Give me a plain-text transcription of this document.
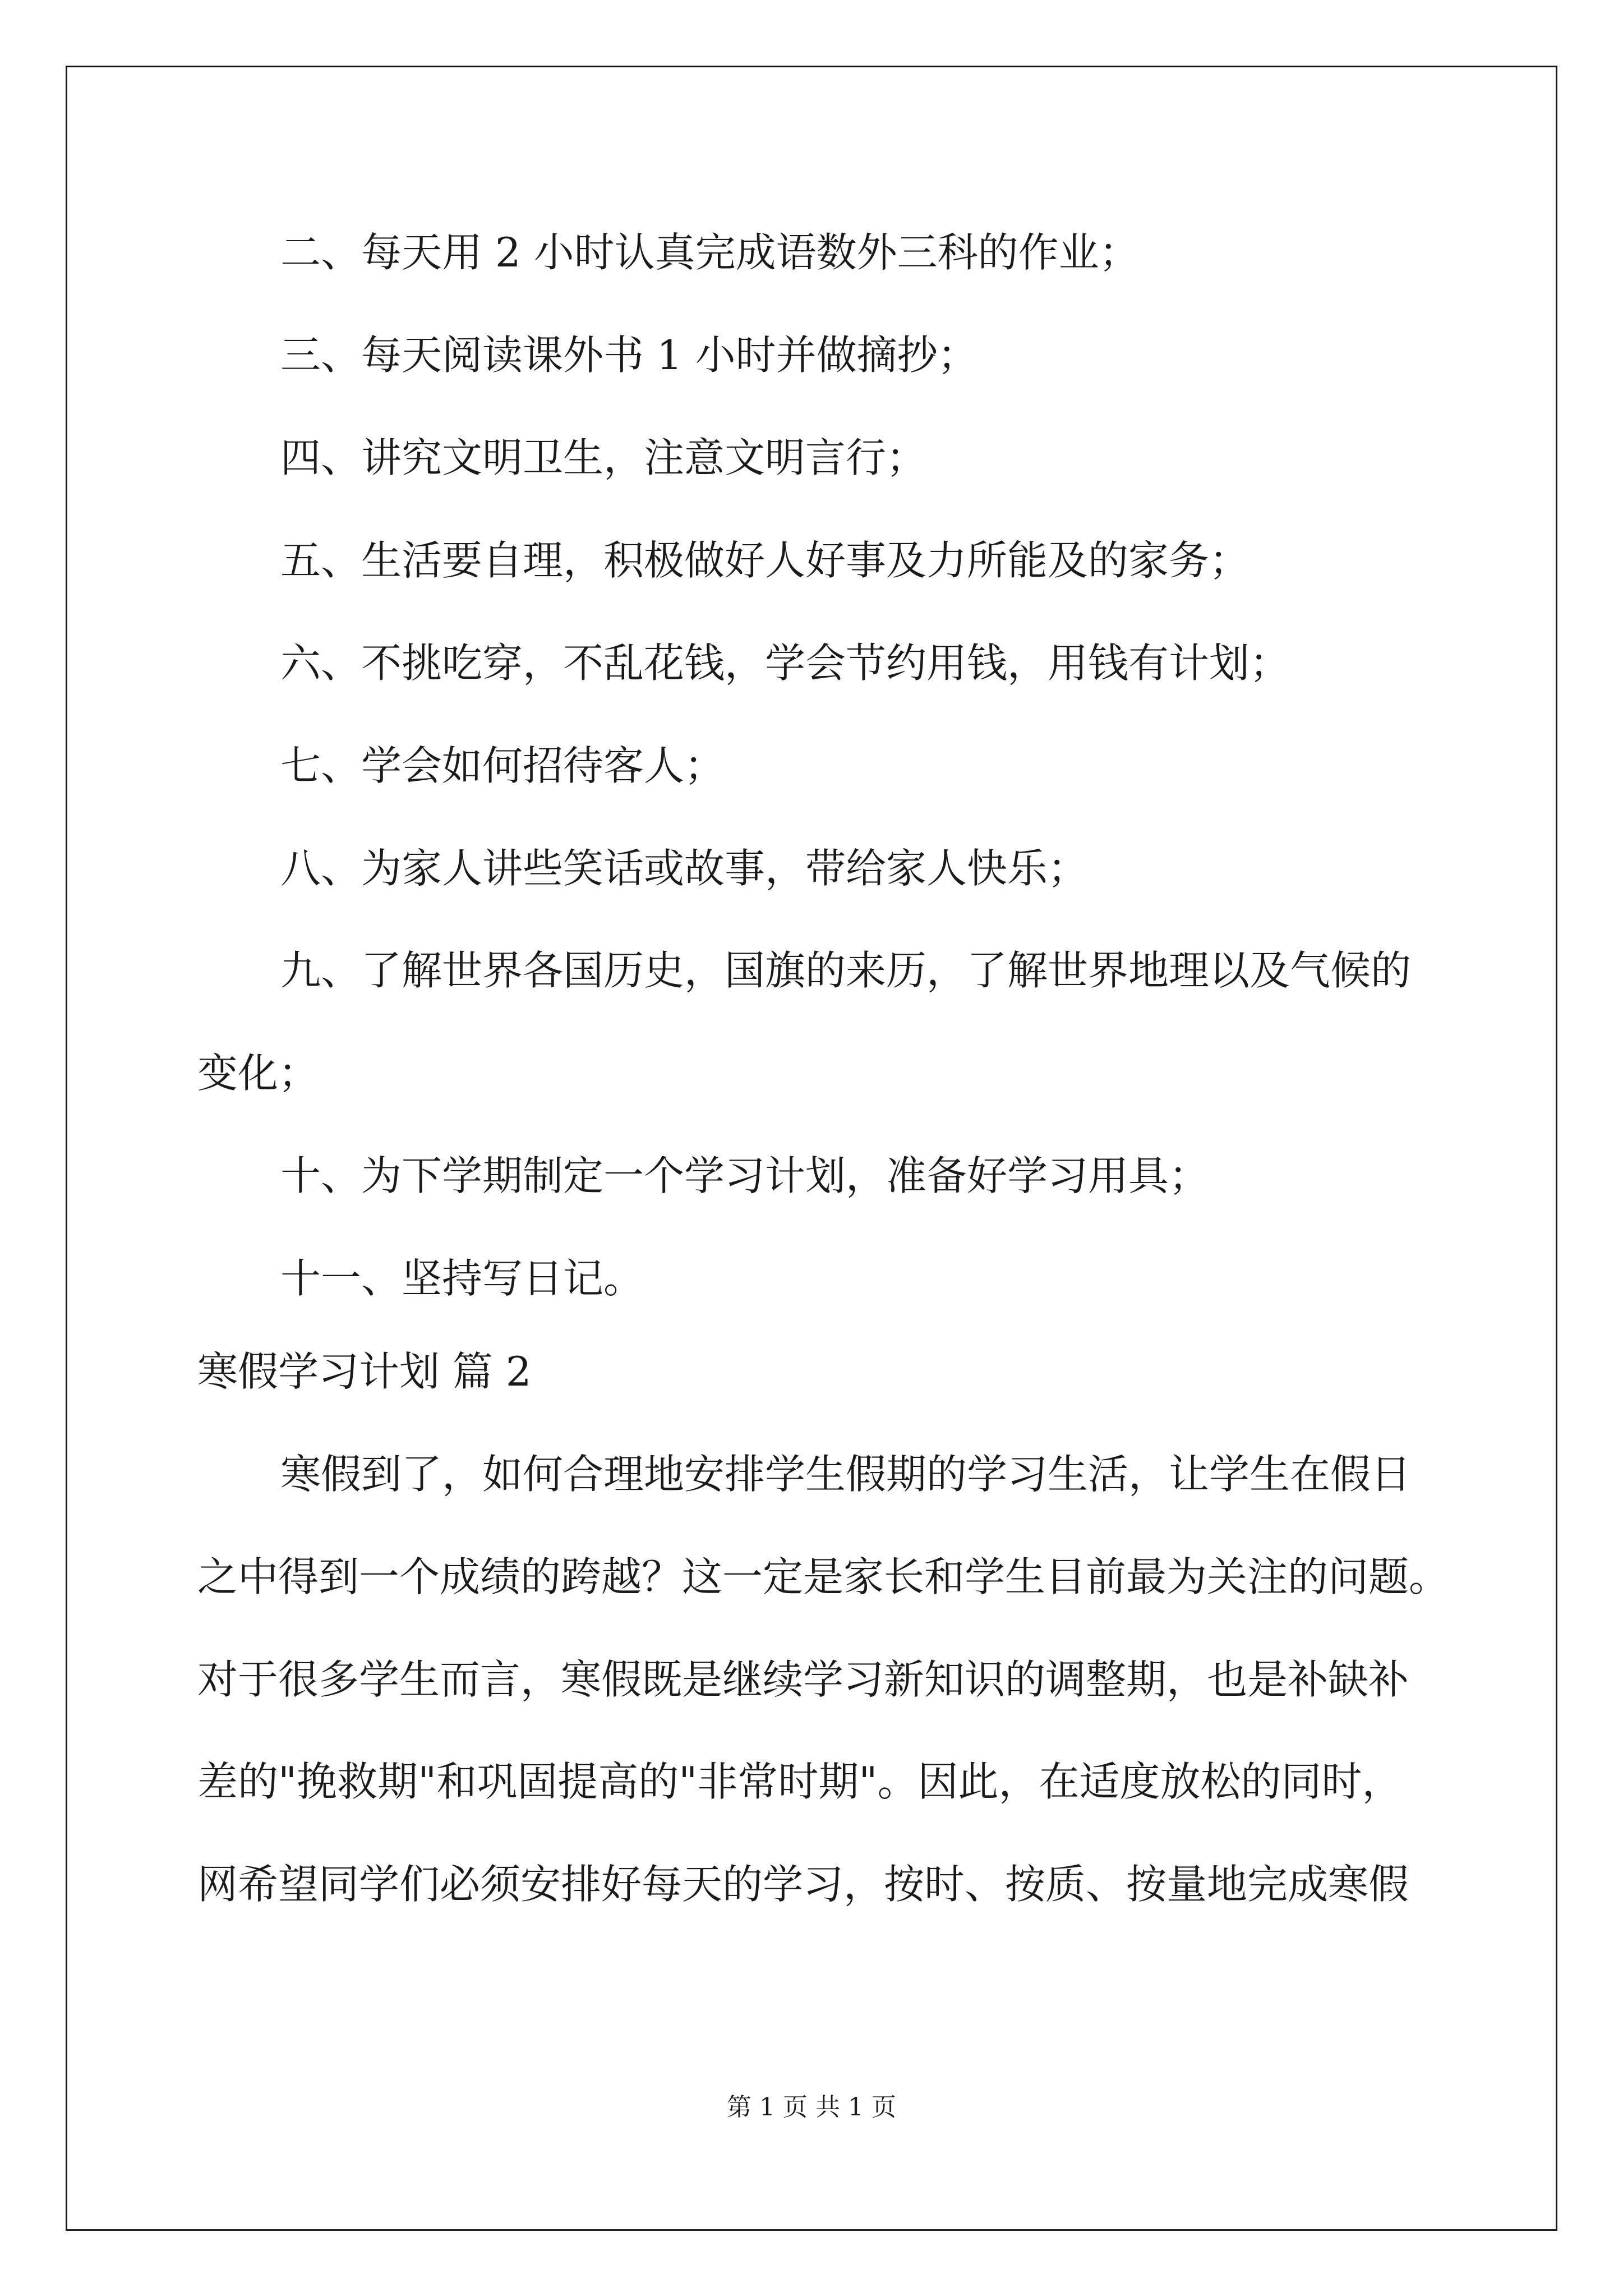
二、每天用 2 小时认真完成语数外三科的作业；

三、每天阅读课外书 1 小时并做摘抄；

四、讲究文明卫生，注意文明言行；

五、生活要自理，积极做好人好事及力所能及的家务；

六、不挑吃穿，不乱花钱，学会节约用钱，用钱有计划；

七、学会如何招待客人；

八、为家人讲些笑话或故事，带给家人快乐；

九、了解世界各国历史，国旗的来历，了解世界地理以及气候的

变化；

十、为下学期制定一个学习计划，准备好学习用具；

十一、坚持写日记。

寒假学习计划 篇 2

寒假到了，如何合理地安排学生假期的学习生活，让学生在假日

之中得到一个成绩的跨越？这一定是家长和学生目前最为关注的问题。

对于很多学生而言，寒假既是继续学习新知识的调整期，也是补缺补

差的"挽救期"和巩固提高的"非常时期"。因此，在适度放松的同时，

网希望同学们必须安排好每天的学习，按时、按质、按量地完成寒假

第 1 页 共 1 页
